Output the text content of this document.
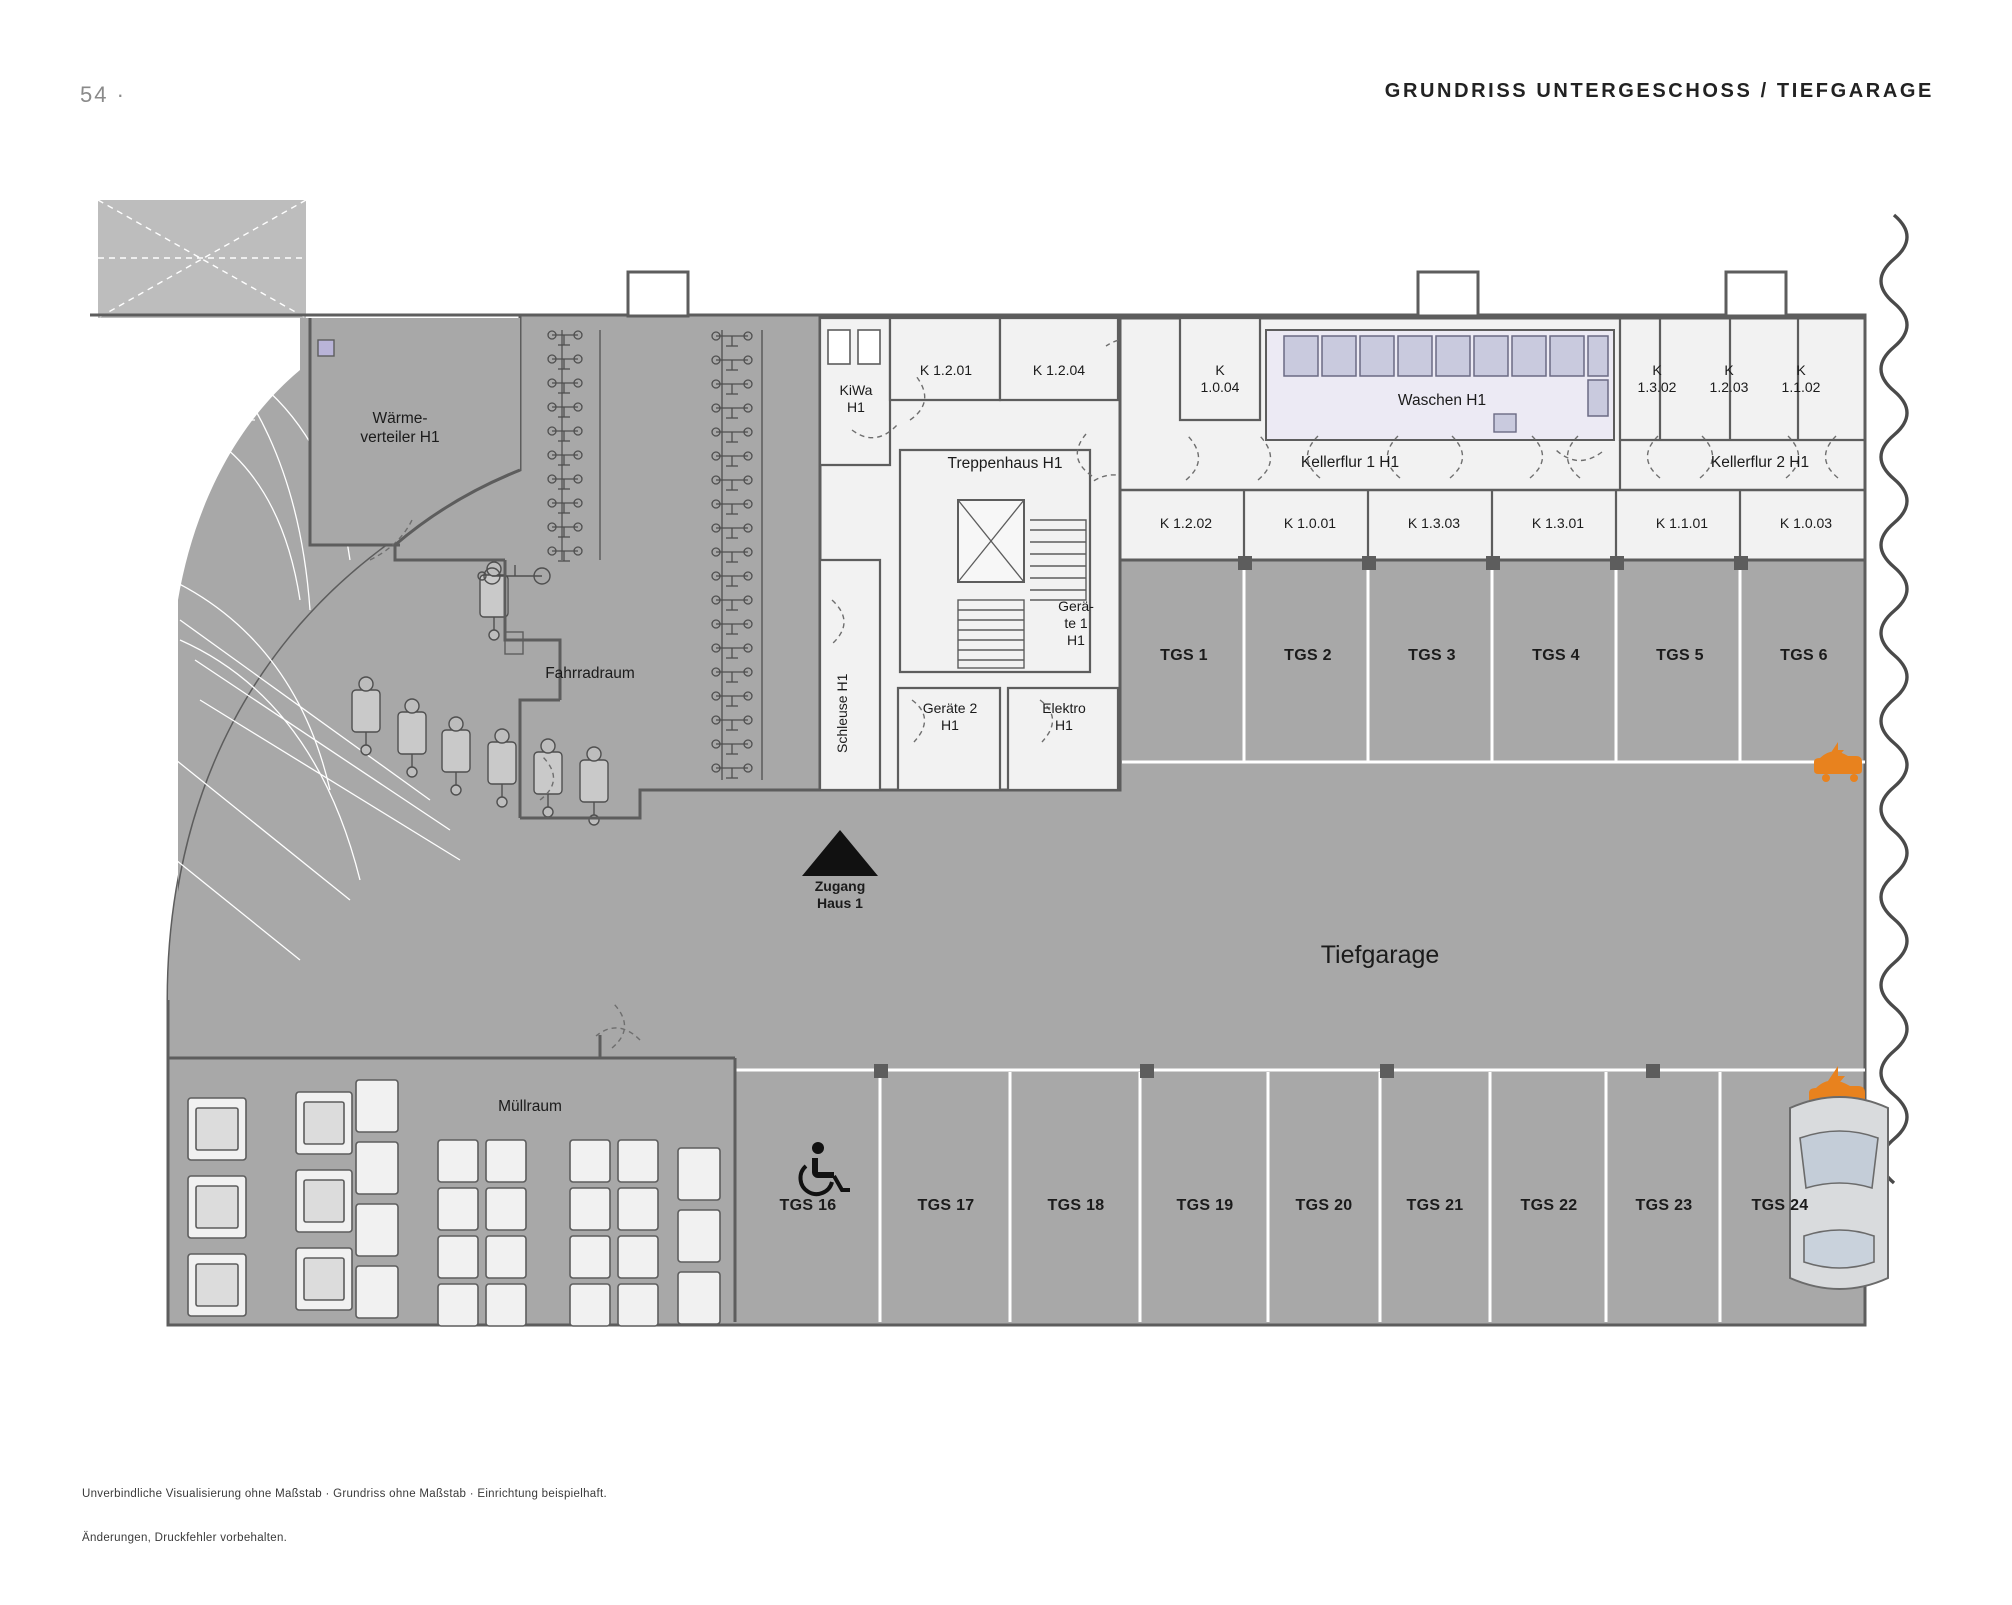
54 ·	GRUNDRISS UNTERGESCHOSS / TIEFGARAGE
Wärme-
verteiler H1
Fahrradraum
Müllraum
KiWa
H1
Schleuse H1
Treppenhaus H1
Gerä-
te 1
H1
Geräte 2
H1
Elektro
H1
Waschen H1
Kellerflur 1 H1	Kellerflur 2 H1
K 1.2.01	K 1.2.04	K
1.0.04
K
1.3.02
K
1.2.03
K
1.1.02
K 1.2.02	K 1.0.01	K 1.3.03	K 1.3.01	K 1.1.01	K 1.0.03
TGS 1	TGS 2	TGS 3	TGS 4	TGS 5	TGS 6
TGS 16	TGS 17	TGS 18	TGS 19	TGS 20	TGS 21	TGS 22	TGS 23	TGS 24
Tiefgarage
Zugang
Haus 1
Unverbindliche Visualisierung ohne Maßstab · Grundriss ohne Maßstab · Einrichtung beispielhaft.
Änderungen, Druckfehler vorbehalten.
